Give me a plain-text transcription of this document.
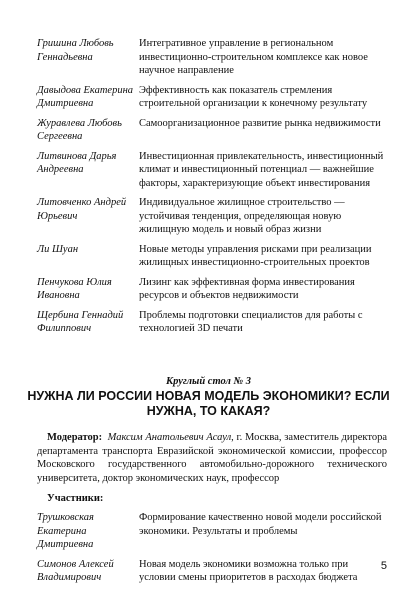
Гришина Любовь Геннадьевна
Интегративное управление в региональном инвестиционно-строительном комплексе как новое научное направление
Давыдова Екатерина Дмитриевна
Эффективность как показатель стремления строительной организации к конечному результату
Журавлева Любовь Сергеевна
Самоорганизационное развитие рынка недвижимости
Литвинова Дарья Андреевна
Инвестиционная привлекательность, инвестиционный климат и инвестиционный потенциал — важнейшие факторы, характеризующие объект инвестирования
Литовченко Андрей Юрьевич
Индивидуальное жилищное строительство — устойчивая тенденция, определяющая новую жилищную модель и новый образ жизни
Ли Шуан	Новые методы управления рисками при реализации жилищных инвестиционно-строительных проектов
Пенчукова Юлия Ивановна
Лизинг как эффективная форма инвестирования ресурсов и объектов недвижимости
Щербина Геннадий Филиппович
Проблемы подготовки специалистов для работы с технологией 3D печати
Круглый стол № 3
НУЖНА ЛИ РОССИИ НОВАЯ МОДЕЛЬ ЭКОНОМИКИ? ЕСЛИ НУЖНА, ТО КАКАЯ?
Модератор: Максим Анатольевич Асаул, г. Москва, заместитель директора департамента транспорта Евразийской экономической комиссии, профессор Московского государственного автомобильно-дорожного технического университета, доктор экономических наук, профессор
Участники:
Трушковская Екатерина Дмитриевна
Формирование качественно новой модели российской экономики. Результаты и проблемы
Симонов Алексей Владимирович
Новая модель экономики возможна только при условии смены приоритетов в расходах бюджета
5
